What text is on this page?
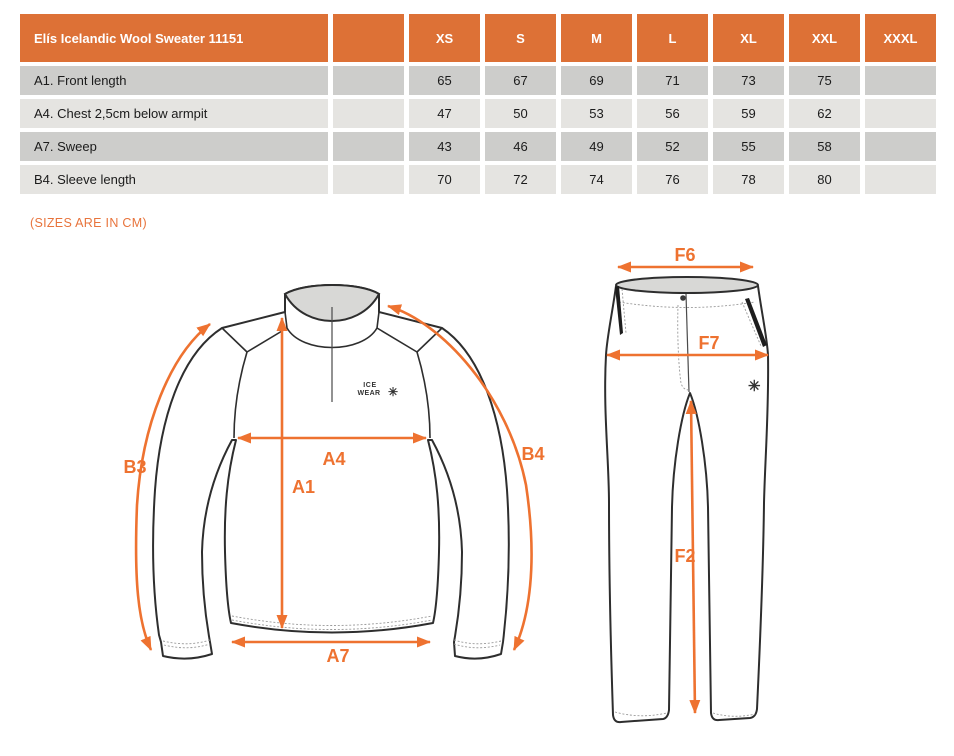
Elís Icelandic Wool Sweater 11151		XS	S	M	L	XL	XXL	XXXL
A1. Front length		65	67	69	71	73	75	
A4. Chest 2,5cm below armpit		47	50	53	56	59	62	
A7. Sweep		43	46	49	52	55	58	
B4. Sleeve length		70	72	74	76	78	80	
(SIZES ARE IN CM)
ICE
WEAR ✳
A4
A1
A7
B3
B4
✳
F6
F7
F2
